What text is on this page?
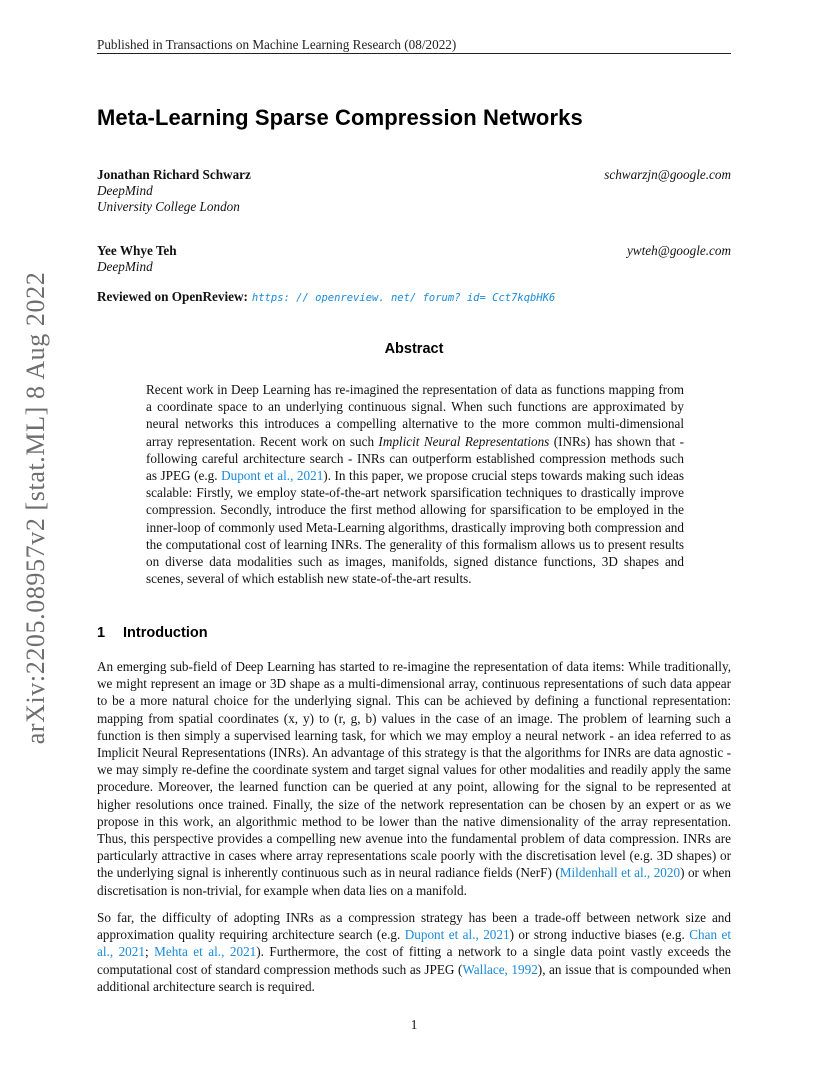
arXiv:2205.08957v2 [stat.ML] 8 Aug 2022
Published in Transactions on Machine Learning Research (08/2022)
Meta-Learning Sparse Compression Networks
Jonathan Richard Schwarz	schwarzjn@google.com
DeepMind
University College London
Yee Whye Teh	ywteh@google.com
DeepMind
Reviewed on OpenReview: https: // openreview. net/ forum? id= Cct7kqbHK6
Abstract
Recent work in Deep Learning has re-imagined the representation of data as functions mapping from a coordinate space to an underlying continuous signal. When such functions are approximated by neural networks this introduces a compelling alternative to the more common multi-dimensional array representation. Recent work on such Implicit Neural Representations (INRs) has shown that - following careful architecture search - INRs can outperform established compression methods such as JPEG (e.g. Dupont et al., 2021). In this paper, we propose crucial steps towards making such ideas scalable: Firstly, we employ state-of-the-art network sparsification techniques to drastically improve compression. Secondly, introduce the first method allowing for sparsification to be employed in the inner-loop of commonly used Meta-Learning algorithms, drastically improving both compression and the computational cost of learning INRs. The generality of this formalism allows us to present results on diverse data modalities such as images, manifolds, signed distance functions, 3D shapes and scenes, several of which establish new state-of-the-art results.
1 Introduction
An emerging sub-field of Deep Learning has started to re-imagine the representation of data items: While traditionally, we might represent an image or 3D shape as a multi-dimensional array, continuous representations of such data appear to be a more natural choice for the underlying signal. This can be achieved by defining a functional representation: mapping from spatial coordinates (x, y) to (r, g, b) values in the case of an image. The problem of learning such a function is then simply a supervised learning task, for which we may employ a neural network - an idea referred to as Implicit Neural Representations (INRs). An advantage of this strategy is that the algorithms for INRs are data agnostic - we may simply re-define the coordinate system and target signal values for other modalities and readily apply the same procedure. Moreover, the learned function can be queried at any point, allowing for the signal to be represented at higher resolutions once trained. Finally, the size of the network representation can be chosen by an expert or as we propose in this work, an algorithmic method to be lower than the native dimensionality of the array representation. Thus, this perspective provides a compelling new avenue into the fundamental problem of data compression. INRs are particularly attractive in cases where array representations scale poorly with the discretisation level (e.g. 3D shapes) or the underlying signal is inherently continuous such as in neural radiance fields (NerF) (Mildenhall et al., 2020) or when discretisation is non-trivial, for example when data lies on a manifold.
So far, the difficulty of adopting INRs as a compression strategy has been a trade-off between network size and approximation quality requiring architecture search (e.g. Dupont et al., 2021) or strong inductive biases (e.g. Chan et al., 2021; Mehta et al., 2021). Furthermore, the cost of fitting a network to a single data point vastly exceeds the computational cost of standard compression methods such as JPEG (Wallace, 1992), an issue that is compounded when additional architecture search is required.
1
